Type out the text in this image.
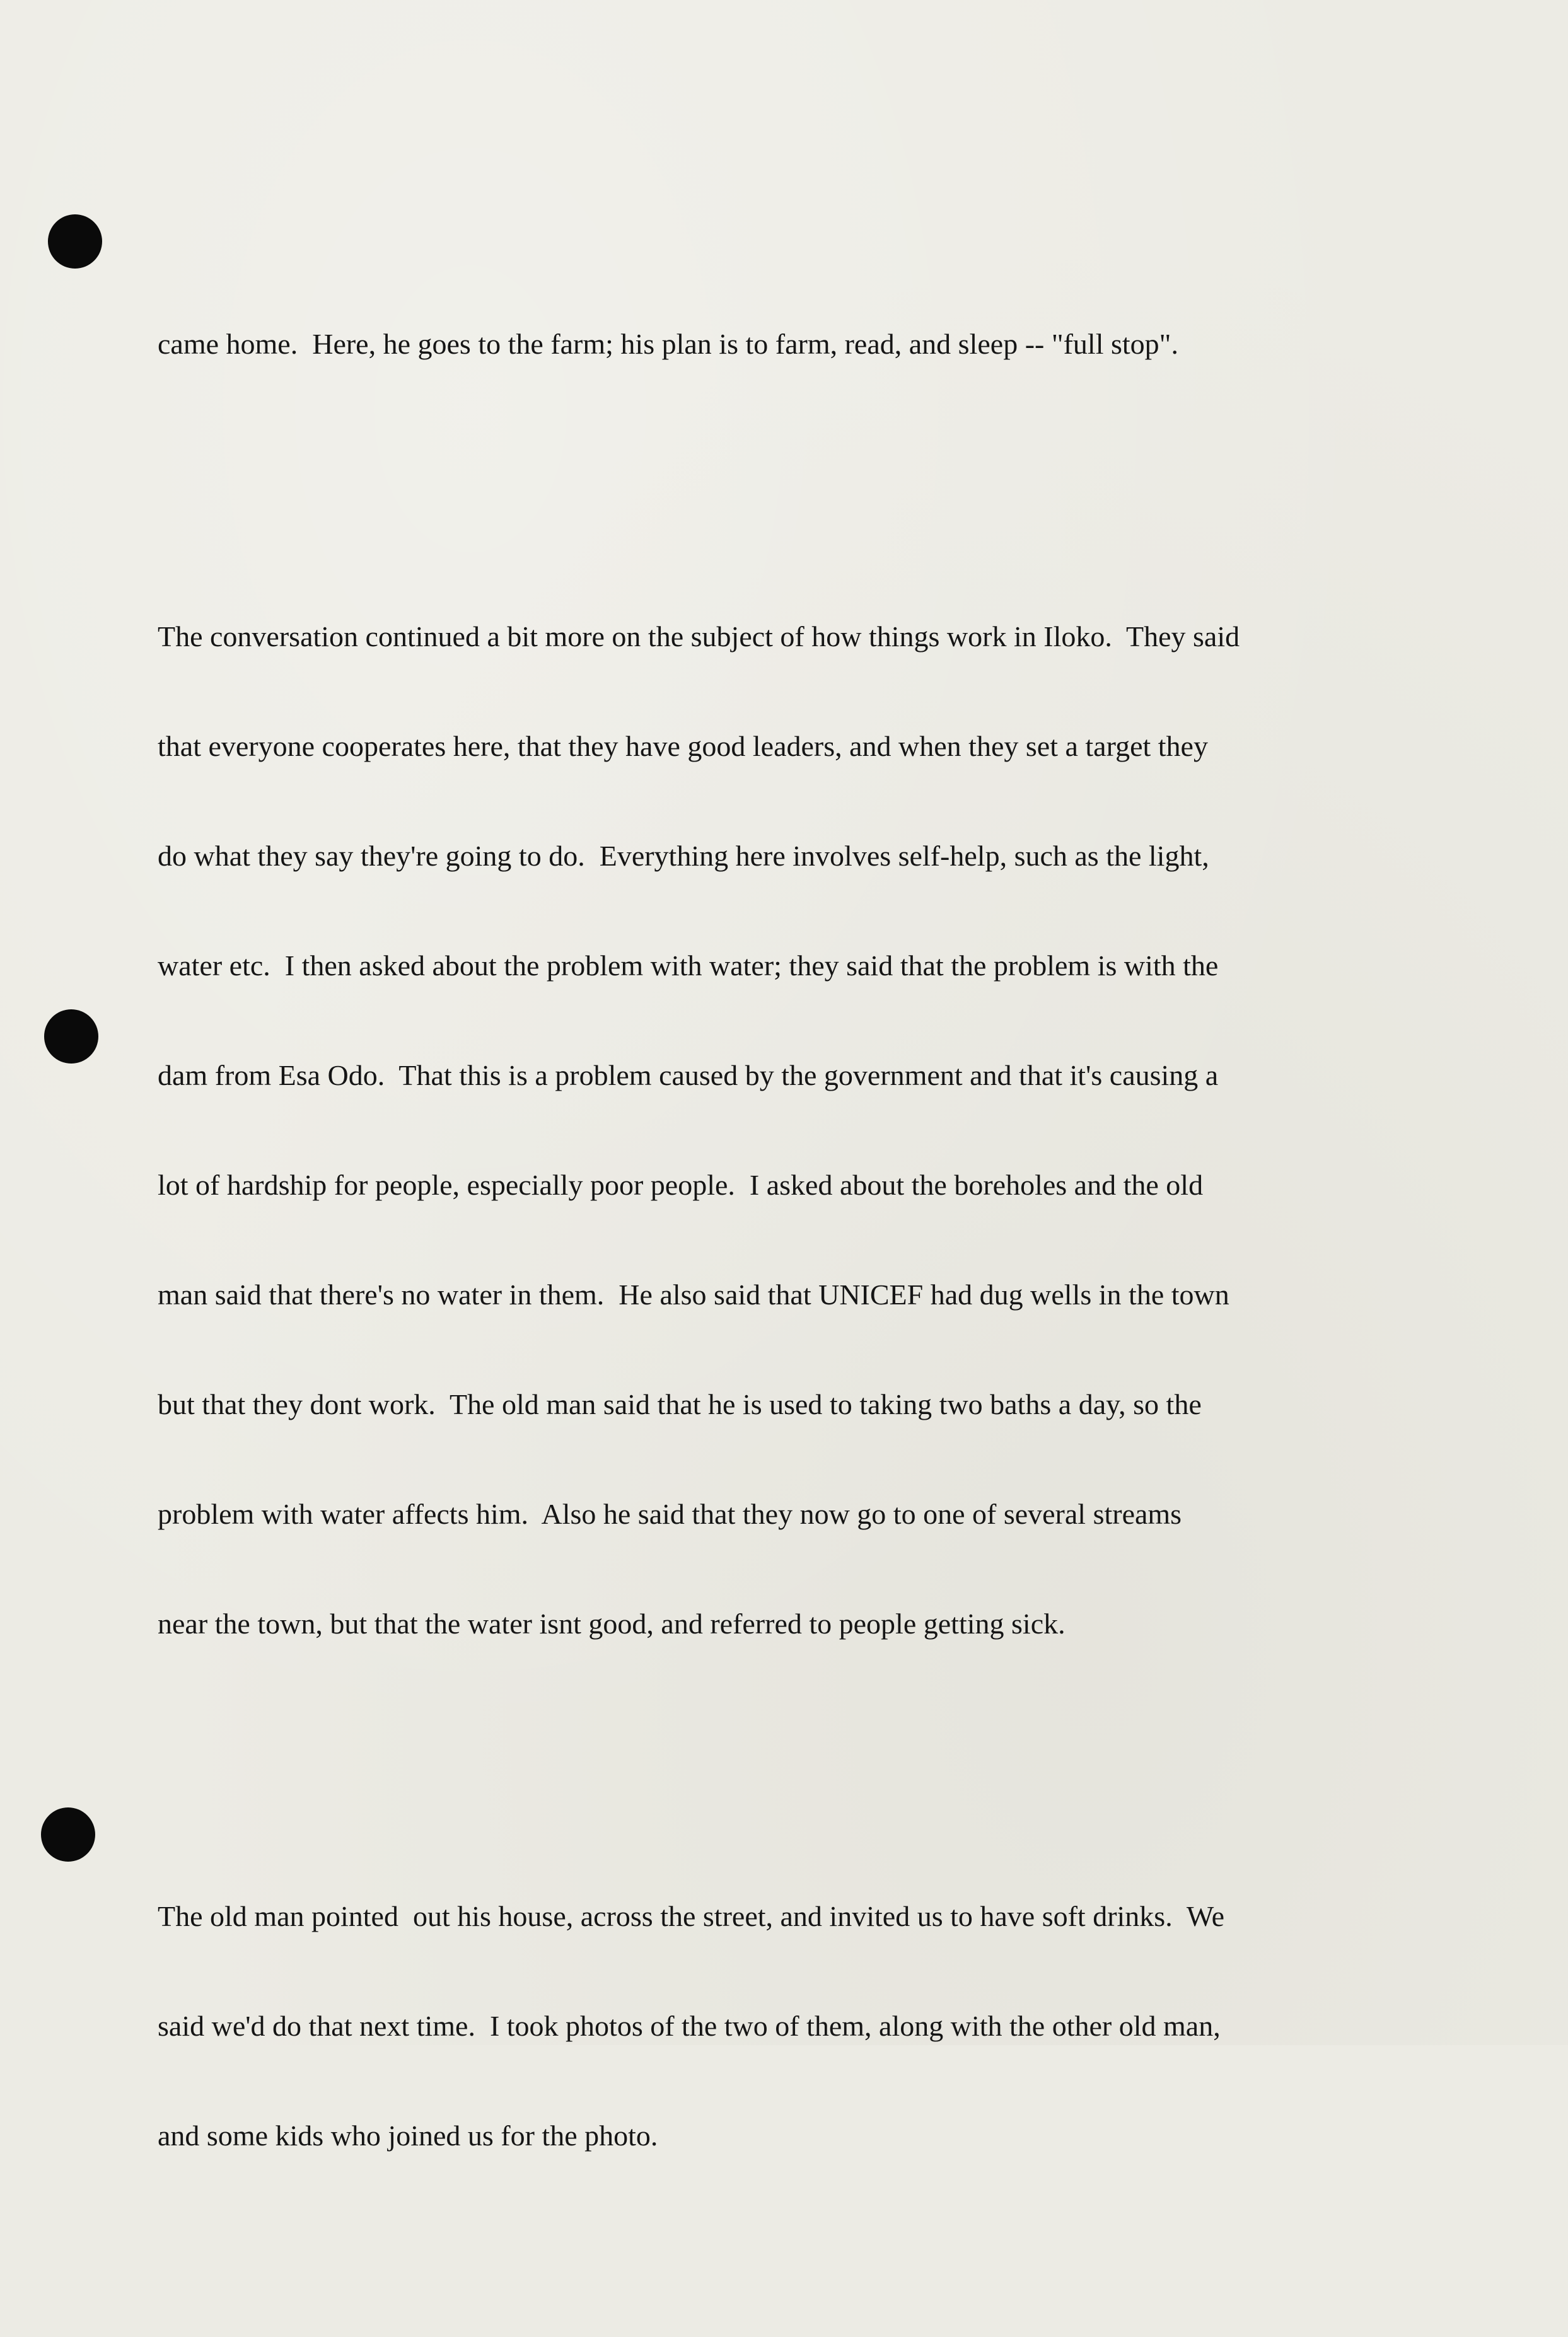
came home.  Here, he goes to the farm; his plan is to farm, read, and sleep -- "full stop".

The conversation continued a bit more on the subject of how things work in Iloko.  They said

that everyone cooperates here, that they have good leaders, and when they set a target they

do what they say they're going to do.  Everything here involves self-help, such as the light,

water etc.  I then asked about the problem with water; they said that the problem is with the

dam from Esa Odo.  That this is a problem caused by the government and that it's causing a

lot of hardship for people, especially poor people.  I asked about the boreholes and the old

man said that there's no water in them.  He also said that UNICEF had dug wells in the town

but that they dont work.  The old man said that he is used to taking two baths a day, so the

problem with water affects him.  Also he said that they now go to one of several streams

near the town, but that the water isnt good, and referred to people getting sick.

The old man pointed  out his house, across the street, and invited us to have soft drinks.  We

said we'd do that next time.  I took photos of the two of them, along with the other old man,

and some kids who joined us for the photo.
